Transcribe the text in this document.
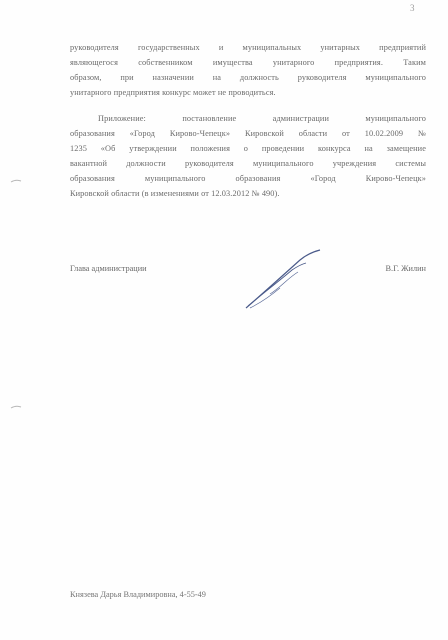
3
руководителя государственных и муниципальных унитарных предприятий
являющегося собственником имущества унитарного предприятия. Таким
образом, при назначении на должность руководителя муниципального
унитарного предприятия конкурс может не проводиться.
Приложение: постановление администрации муниципального
образования «Город Кирово-Чепецк» Кировской области от 10.02.2009 №
1235 «Об утверждении положения о проведении конкурса на замещение
вакантной должности руководителя муниципального учреждения системы
образования муниципального образования «Город Кирово-Чепецк»
Кировской области (в изменениями от 12.03.2012 № 490).
Глава администрации	В.Г. Жилин
Князева Дарья Владимировна, 4-55-49
